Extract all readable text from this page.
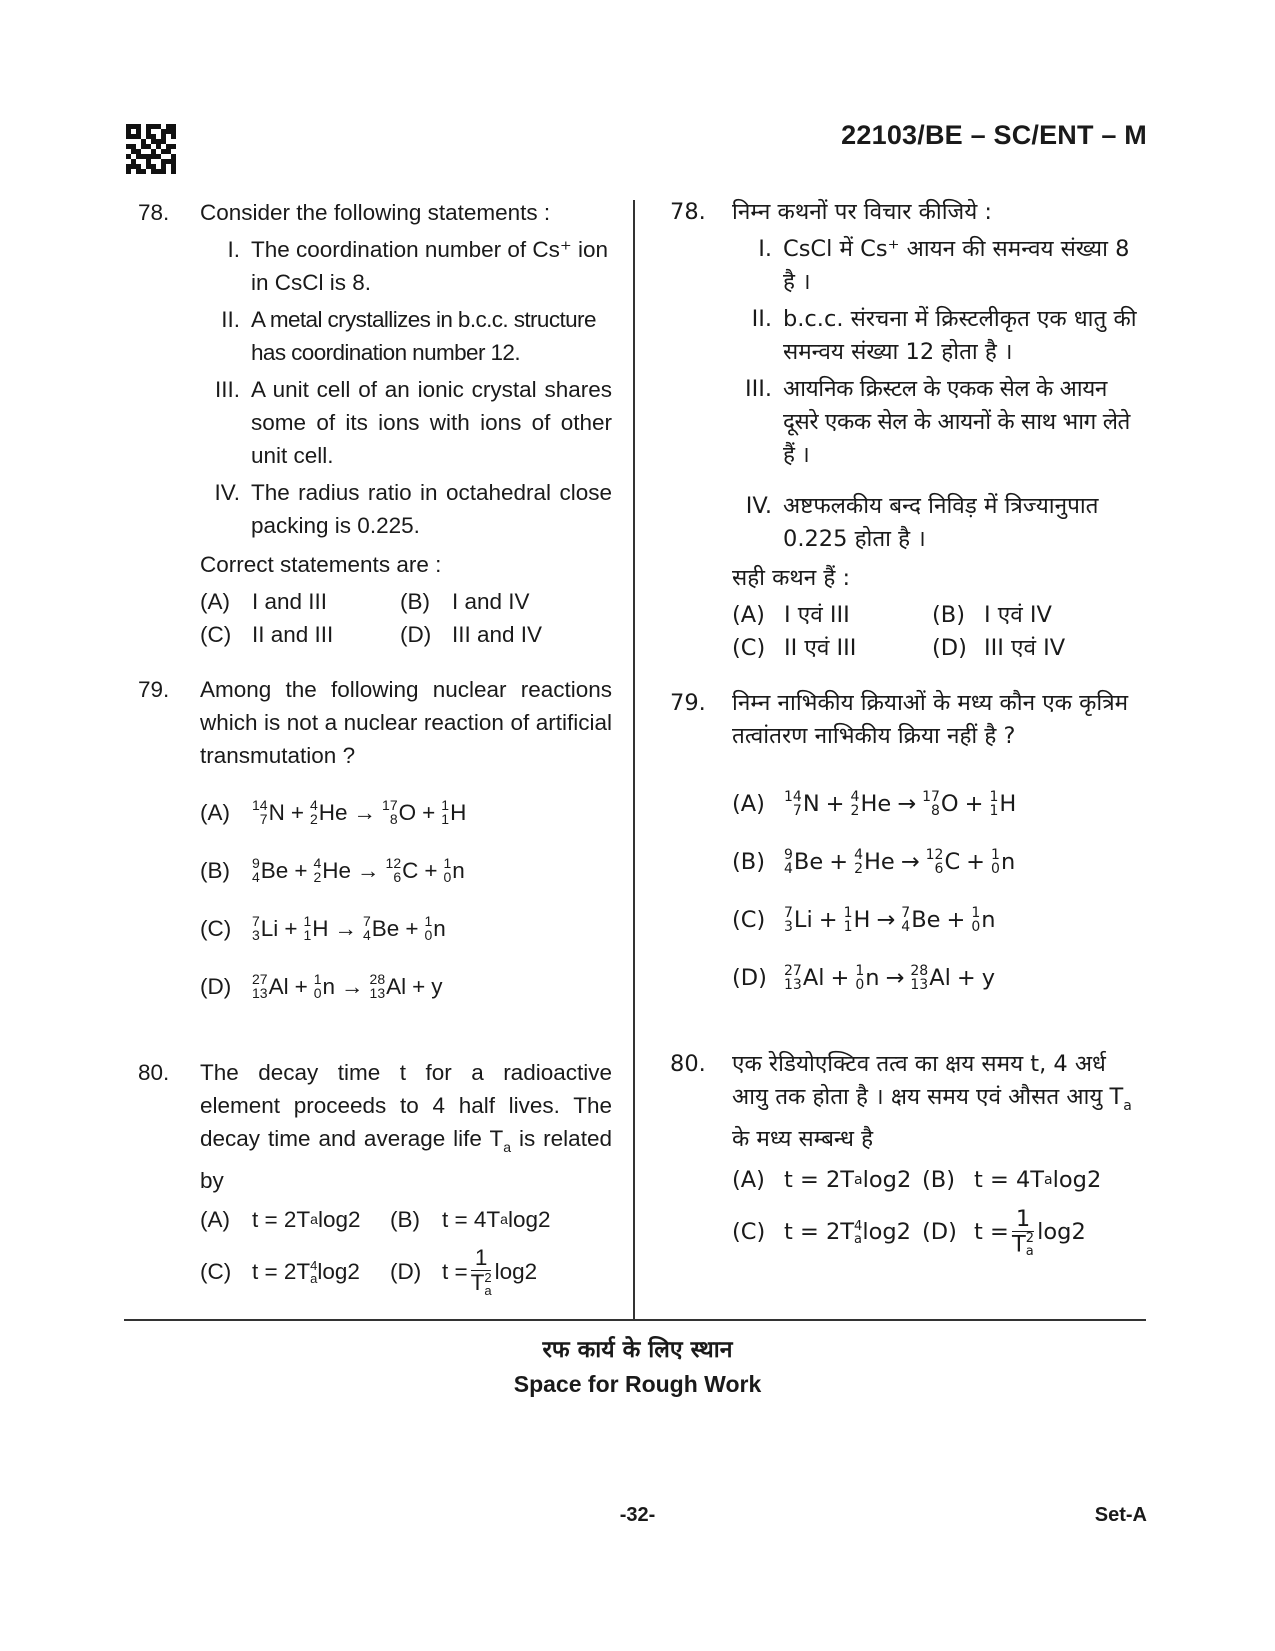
22103/BE – SC/ENT – M
78. Consider the following statements :
I. The coordination number of Cs⁺ ion in CsCl is 8.
II. A metal crystallizes in b.c.c. structure has coordination number 12.
III. A unit cell of an ionic crystal shares some of its ions with ions of other unit cell.
IV. The radius ratio in octahedral close packing is 0.225.
Correct statements are :
(A) I and III	(B) I and IV
(C) II and III	(D) III and IV
79. Among the following nuclear reactions which is not a nuclear reaction of artificial transmutation ?
(A)	14
7 N + 4
2 He → 17
8 O + 1
1 H
(B)	9
4 Be + 4
2 He → 12
6 C + 1
0 n
(C)	7
3 Li + 1
1 H → 7
4 Be + 1
0 n
(D)	27
13 Al + 1
0 n → 28
13 Al + y
80. The decay time t for a radioactive element proceeds to 4 half lives. The decay time and average life $T_a$ is related by
(A) t = 2T a log2 (B) t = 4T a log2
(C) t = 2T 4
a log2 (D) t = 1
T 2
a log2
78. निम्न कथनों पर विचार कीजिये :
I. CsCl में Cs⁺ आयन की समन्वय संख्या 8 है ।
II. b.c.c. संरचना में क्रिस्टलीकृत एक धातु की समन्वय संख्या 12 होता है ।
III. आयनिक क्रिस्टल के एकक सेल के आयन दूसरे एकक सेल के आयनों के साथ भाग लेते हैं ।
IV. अष्टफलकीय बन्द निविड़ में त्रिज्यानुपात 0.225 होता है ।
सही कथन हैं :
(A) I एवं III	(B) I एवं IV
(C) II एवं III	(D) III एवं IV
79. निम्न नाभिकीय क्रियाओं के मध्य कौन एक कृत्रिम तत्वांतरण नाभिकीय क्रिया नहीं है ?
(A)	14
7 N + 4
2 He → 17
8 O + 1
1 H
(B)	9
4 Be + 4
2 He → 12
6 C + 1
0 n
(C)	7
3 Li + 1
1 H → 7
4 Be + 1
0 n
(D)	27
13 Al + 1
0 n → 28
13 Al + y
80. एक रेडियोएक्टिव तत्व का क्षय समय t, 4 अर्ध आयु तक होता है । क्षय समय एवं औसत आयु $T_a$ के मध्य सम्बन्ध है
(A) t = 2T a log2 (B) t = 4T a log2
(C) t = 2T 4
a log2 (D) t = 1
T 2
a log2
रफ कार्य के लिए स्थान
Space for Rough Work
-32-	Set-A
